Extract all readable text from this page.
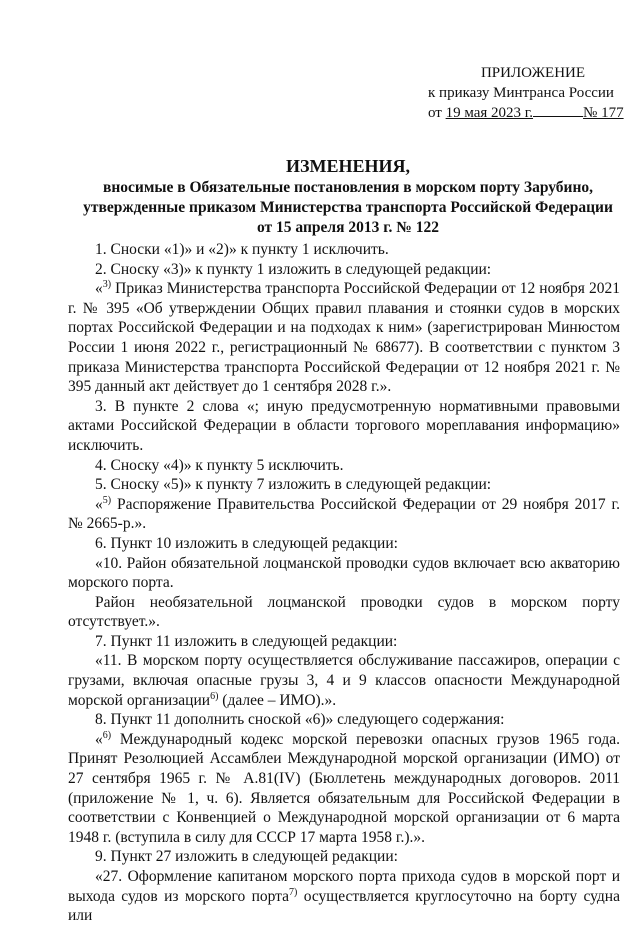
ПРИЛОЖЕНИЕ
к приказу Минтранса России
от 19 мая 2023 г.	№ 177
ИЗМЕНЕНИЯ,
вносимые в Обязательные постановления в морском порту Зарубино,
утвержденные приказом Министерства транспорта Российской Федерации
от 15 апреля 2013 г. № 122

1. Сноски «1)» и «2)» к пункту 1 исключить.

2. Сноску «3)» к пункту 1 изложить в следующей редакции:

«$^{3)}$ Приказ Министерства транспорта Российской Федерации от 12 ноября 2021 г. № 395 «Об утверждении Общих правил плавания и стоянки судов в морских портах Российской Федерации и на подходах к ним» (зарегистрирован Минюстом России 1 июня 2022 г., регистрационный № 68677). В соответствии с пунктом 3 приказа Министерства транспорта Российской Федерации от 12 ноября 2021 г. № 395 данный акт действует до 1 сентября 2028 г.».

3. В пункте 2 слова «; иную предусмотренную нормативными правовыми актами Российской Федерации в области торгового мореплавания информацию» исключить.

4. Сноску «4)» к пункту 5 исключить.

5. Сноску «5)» к пункту 7 изложить в следующей редакции:

«$^{5)}$ Распоряжение Правительства Российской Федерации от 29 ноября 2017 г. № 2665-р.».

6. Пункт 10 изложить в следующей редакции:

«10. Район обязательной лоцманской проводки судов включает всю акваторию морского порта.

Район необязательной лоцманской проводки судов в морском порту отсутствует.».

7. Пункт 11 изложить в следующей редакции:

«11. В морском порту осуществляется обслуживание пассажиров, операции с грузами, включая опасные грузы 3, 4 и 9 классов опасности Международной морской организации$^{6)}$ (далее – ИМО).».

8. Пункт 11 дополнить сноской «6)» следующего содержания:

«$^{6)}$ Международный кодекс морской перевозки опасных грузов 1965 года. Принят Резолюцией Ассамблеи Международной морской организации (ИМО) от 27 сентября 1965 г. № А.81(IV) (Бюллетень международных договоров. 2011 (приложение № 1, ч. 6). Является обязательным для Российской Федерации в соответствии с Конвенцией о Международной морской организации от 6 марта 1948 г. (вступила в силу для СССР 17 марта 1958 г.).».

9. Пункт 27 изложить в следующей редакции:

«27. Оформление капитаном морского порта прихода судов в морской порт и выхода судов из морского порта$^{7)}$ осуществляется круглосуточно на борту судна или
